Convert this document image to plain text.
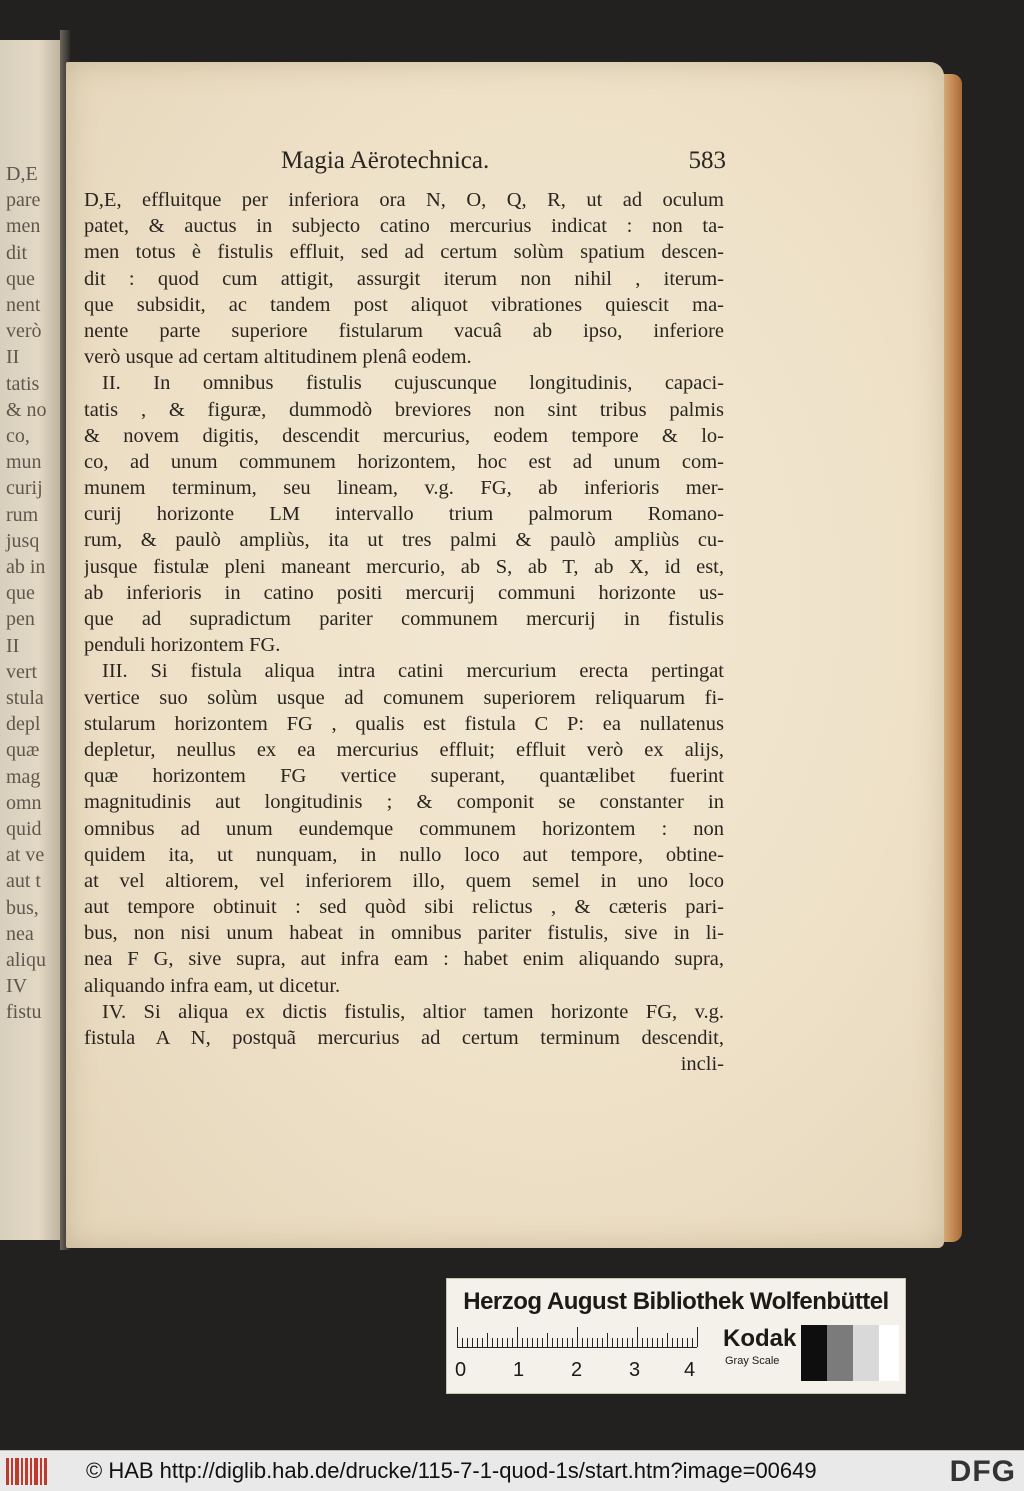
D,E
pare
men
dit
que
nent
verò
II
tatis
& no
co,
mun
curij
rum
jusq
ab in
que
pen
II
vert
stula
depl
quæ
mag
omn
quid
at ve
aut t
bus,
nea
aliqu
IV
fistu
Magia Aërotechnica.	583
D,E, effluitque per inferiora ora N, O, Q, R, ut ad oculum
patet, & auctus in subjecto catino mercurius indicat : non ta-
men totus è fistulis effluit, sed ad certum solùm spatium descen-
dit : quod cum attigit, assurgit iterum non nihil , iterum-
que subsidit, ac tandem post aliquot vibrationes quiescit ma-
nente parte superiore fistularum vacuâ ab ipso, inferiore
verò usque ad certam altitudinem plenâ eodem.
II. In omnibus fistulis cujuscunque longitudinis, capaci-
tatis , & figuræ, dummodò breviores non sint tribus palmis
& novem digitis, descendit mercurius, eodem tempore & lo-
co, ad unum communem horizontem, hoc est ad unum com-
munem terminum, seu lineam, v.g. FG, ab inferioris mer-
curij horizonte LM intervallo trium palmorum Romano-
rum, & paulò ampliùs, ita ut tres palmi & paulò ampliùs cu-
jusque fistulæ pleni maneant mercurio, ab S, ab T, ab X, id est,
ab inferioris in catino positi mercurij communi horizonte us-
que ad supradictum pariter communem mercurij in fistulis
penduli horizontem FG.
III. Si fistula aliqua intra catini mercurium erecta pertingat
vertice suo solùm usque ad comunem superiorem reliquarum fi-
stularum horizontem FG , qualis est fistula C P: ea nullatenus
depletur, neullus ex ea mercurius effluit; effluit verò ex alijs,
quæ horizontem FG vertice superant, quantælibet fuerint
magnitudinis aut longitudinis ; & componit se constanter in
omnibus ad unum eundemque communem horizontem : non
quidem ita, ut nunquam, in nullo loco aut tempore, obtine-
at vel altiorem, vel inferiorem illo, quem semel in uno loco
aut tempore obtinuit : sed quòd sibi relictus , & cæteris pari-
bus, non nisi unum habeat in omnibus pariter fistulis, sive in li-
nea F G, sive supra, aut infra eam : habet enim aliquando supra,
aliquando infra eam, ut dicetur.
IV. Si aliqua ex dictis fistulis, altior tamen horizonte FG, v.g.
fistula A N, postquã mercurius ad certum terminum descendit,
incli-
Herzog August Bibliothek Wolfenbüttel
0 1 2 3 4
Kodak
Gray Scale
© HAB http://diglib.hab.de/drucke/115-7-1-quod-1s/start.htm?image=00649	DFG
